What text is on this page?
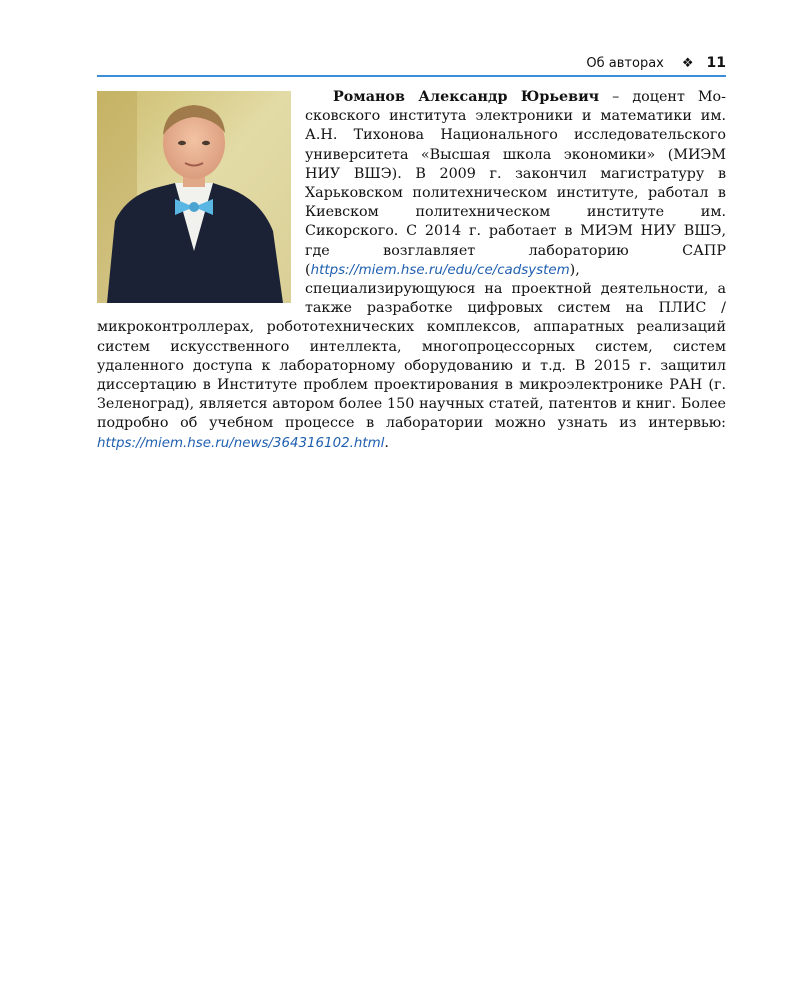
Об авторах ❖ 11

Романов Александр Юрьевич – доцент Московского института электроники и математики им. А.Н. Тихонова Национального исследовательского университета «Высшая школа экономики» (МИЭМ НИУ ВШЭ). В 2009 г. закончил магистратуру в Харьковском политехническом институте, работал в Киевском политехническом институте им. Сикорского. С 2014 г. работает в МИЭМ НИУ ВШЭ, где возглавляет лабораторию САПР (https://miem.hse.ru/edu/ce/cadsystem), специализирующуюся на проектной деятельности, а также разработке цифровых систем на ПЛИС / микроконтроллерах, робототехнических комплексов, аппаратных реализаций систем искусственного интеллекта, многопроцессорных систем, систем удаленного доступа к лабораторному оборудованию и т.д. В 2015 г. защитил диссертацию в Институте проблем проектирования в микроэлектронике РАН (г. Зеленоград), является автором более 150 научных статей, патентов и книг. Более подробно об учебном процессе в лаборатории можно узнать из интервью: https://miem.hse.ru/news/364316102.html.
